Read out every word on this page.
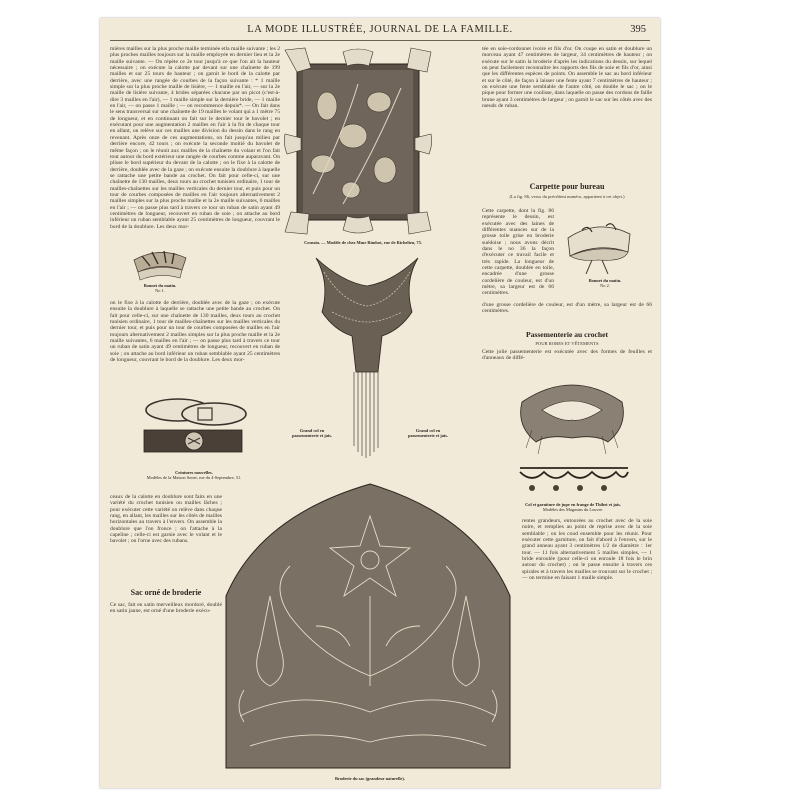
LA MODE ILLUSTRÉE, JOURNAL DE LA FAMILLE.	395
mières mailles sur la plus proche maille terminée etla maille suivante ; les 2 plus proches mailles toujours sur la maille employée en dernier lieu et la 2e maille suivante. — On répète ce 2e tour jusqu'à ce que l'on ait la hauteur nécessaire ; on exécute la calotte par devant sur une chaînette de 199 mailles et sur 25 tours de hauteur ; on garnit le bord de la calotte par derrière, avec une rangée de courbes de la façon suivante : * 1 maille simple sur la plus proche maille de lisière, — 1 maille en l'air, — sur la 2e maille de lisière suivante, 4 brides séparées chacune par un picot (c'est-à-dire 3 mailles en l'air), — 1 maille simple sur la dernière bride, — 1 maille en l'air, — on passe 1 maille ; — on recommence depuis*. — On fait dans le sens transversal sur une chaînette de 19 mailles le volant qui a 1 mètre 75 de longueur, et en continuant on fait sur le dernier tour le bavolet ; en exécutant pour une augmentation 2 mailles en l'air à la fin de chaque tour en allant, on relève sur ces mailles une division du dessin dans le rang en revenant. Après onze de ces augmentations, on fait jusqu'au milieu par derrière encore, 42 tours ; on exécute la seconde moitié du bavolet de même façon ; on le réunit aux mailles de la chaînette du volant et l'on fait tout autour du bord extérieur une rangée de courbes comme auparavant. On plisse le bord supérieur du devant de la calotte ; on le fixe à la calotte de derrière, doublée avec de la gaze ; on exécute ensuite la doublure à laquelle se rattache une petite bande au crochet. On fait pour celle-ci, sur une chaînette de 130 mailles, deux tours au crochet tunisien ordinaire, 1 tour de mailles-chaînettes sur les mailles verticales du dernier tour, et puis pour un tour de courbes composées de mailles en l'air toujours alternativement 2 mailles simples sur la plus proche maille et la 2e maille suivantes, 6 mailles en l'air ; — on passe plus tard à travers ce tour un ruban de satin ayant 49 centimètres de longueur, recouvert en ruban de soie ; on attache au bord inférieur un ruban semblable ayant 25 centimètres de longueur, couvrant le bord de la doublure. Les deux mor-
Bonnet du matin.
No 1.
on le fixe à la calotte de derrière, doublée avec de la gaze ; on exécute ensuite la doublure à laquelle se rattache une petite bande au crochet. On fait pour celle-ci, sur une chaînette de 130 mailles, deux tours au crochet tunisien ordinaire, 1 tour de mailles-chaînettes sur les mailles verticales du dernier tour, et puis pour un tour de courbes composées de mailles en l'air toujours alternativement 2 mailles simples sur la plus proche maille et la 2e maille suivantes, 6 mailles en l'air ; — on passe plus tard à travers ce tour un ruban de satin ayant 49 centimètres de longueur, recouvert en ruban de soie ; on attache au bord inférieur un ruban semblable ayant 25 centimètres de longueur, couvrant le bord de la doublure. Les deux mor-
Ceintures nouvelles.
Modèles de la Maison Sonet, rue du 4-Septembre, 31.
ceaux de la calotte en doublure sont faits en une variété du crochet tunisien ou mailles lâches ; pour exécuter cette variété on relève dans chaque rang, en allant, les mailles sur les côtés de mailles horizontales au travers à l'envers. On assemble la doublure que l'on fronce ; on l'attache à la capeline ; celle-ci est garnie avec le volant et le bavolet ; on l'orne avec des rubans.
Sac orné de broderie
Ce sac, fait en satin merveilleux mordoré, doublé en satin jaune, est orné d'une broderie exécu-
Coussin. — Modèle de chez Mme Rimbot, rue de Richelieu, 75.
Grand col en passementerie et jais.
Grand col en passementerie et jais.
Broderie du sac (grandeur naturelle).
tée en soie-cordonnet ivoire et fils d'or. On coupe en satin et doublure un morceau ayant 47 centimètres de largeur, 34 centimètres de hauteur ; on exécute sur le satin la broderie d'après les indications du dessin, sur lequel on peut facilement reconnaître les rapports des fils de soie et fils d'or, ainsi que les différentes espèces de points. On assemble le sac au bord inférieur et sur le côté, de façon à laisser une fente ayant 7 centimètres de hauteur ; on exécute une fente semblable de l'autre côté, on double le sac ; on le pique pour former une coulisse, dans laquelle on passe des cordons de faille brune ayant 3 centimètres de largeur ; on garnit le sac sur les côtés avec des nœuds de ruban.
Carpette pour bureau
(La fig. 86, verso du précédent numéro, appartient à cet objet.)
Cette carpette, dont la fig. 86 représente le dessin, est exécutée avec des laines de différentes nuances sur de la grosse toile grise en broderie suédoise ; nous avons décrit dans le no 36 la façon d'exécuter ce travail facile et très rapide. La longueur de cette carpette, doublée en toile, encadrée d'une grosse cordelière de couleur, est d'un mètre, sa largeur est de 66 centimètres.
Bonnet du matin.
No 2.
d'une grosse cordelière de couleur, est d'un mètre, sa largeur est de 66 centimètres.
Passementerie au crochet
POUR ROBES ET VÊTEMENTS
Cette jolie passementerie est exécutée avec des formes de feuilles et d'anneaux de diffé-
Col et garniture de jupe en frange de Thibet et jais.
Modèles des Magasins du Louvre.
rentes grandeurs, entourées au crochet avec de la soie noire, et remplies au point de reprise avec de la soie semblable ; on les coud ensemble pour les réunir. Pour exécuter cette garniture, on fait d'abord à l'envers, sur le grand anneau ayant 3 centimètres 1/2 de diamètre : 1er tour. — 11 fois alternativement 5 mailles simples, — 1 bride enroulée (pour celle-ci on enroule 18 fois le brin autour du crochet) ; on le passe ensuite à travers ces spirales et à travers les mailles se trouvant sur le crochet ; — on termine en faisant 1 maille simple.
